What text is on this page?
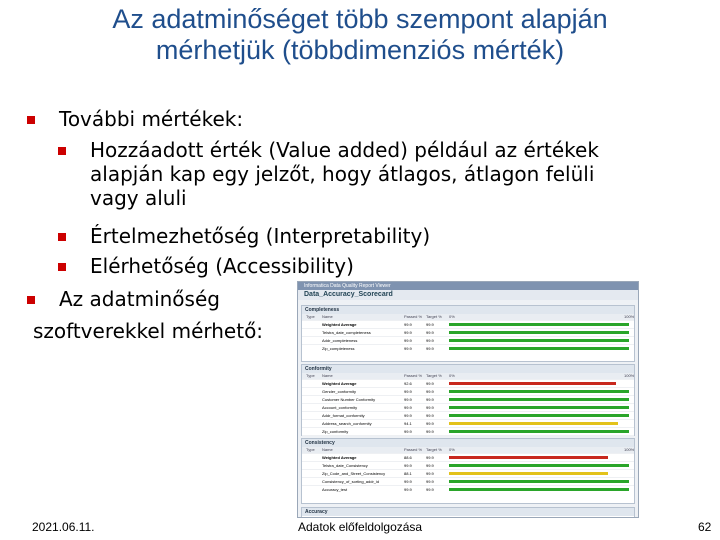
Az adatminőséget több szempont alapján
mérhetjük (többdimenziós mérték)
További mértékek:
Hozzáadott érték (Value added) például az értékek
alapján kap egy jelzőt, hogy átlagos, átlagon felüli
vagy aluli
Értelmezhetőség (Interpretability)
Elérhetőség (Accessibility)
Az adatminőség
szoftverekkel mérhető:
Informatica Data Quality Report Viewer
Data_Accuracy_Scorecard
Completeness
Type Name	Passed % Target % 0%	100%
Weighted Average	99.9	99.9
Telstra_date_completeness	99.9	99.9
Addr_completeness	99.9	99.9
Zip_completeness	99.9	99.9
Conformity
Type Name	Passed % Target % 0%	100%
Weighted Average	92.6	99.9
Gender_conformity	99.9	99.9
Customer Number Conformity	99.9	99.9
Account_conformity	99.9	99.9
Addr_format_conformity	99.9	99.9
Address_search_conformity	94.1	99.9
Zip_conformity	99.9	99.9
Consistency
Type Name	Passed % Target % 0%	100%
Weighted Average	88.6	99.9
Telstra_date_Consistency	99.9	99.9
Zip_Code_and_Street_Consistency	88.1	99.9
Consistency_of_sorting_addr_id	99.9	99.9
Accuracy_test	99.9	99.9
Accuracy
2021.06.11.	Adatok előfeldolgozása	62
